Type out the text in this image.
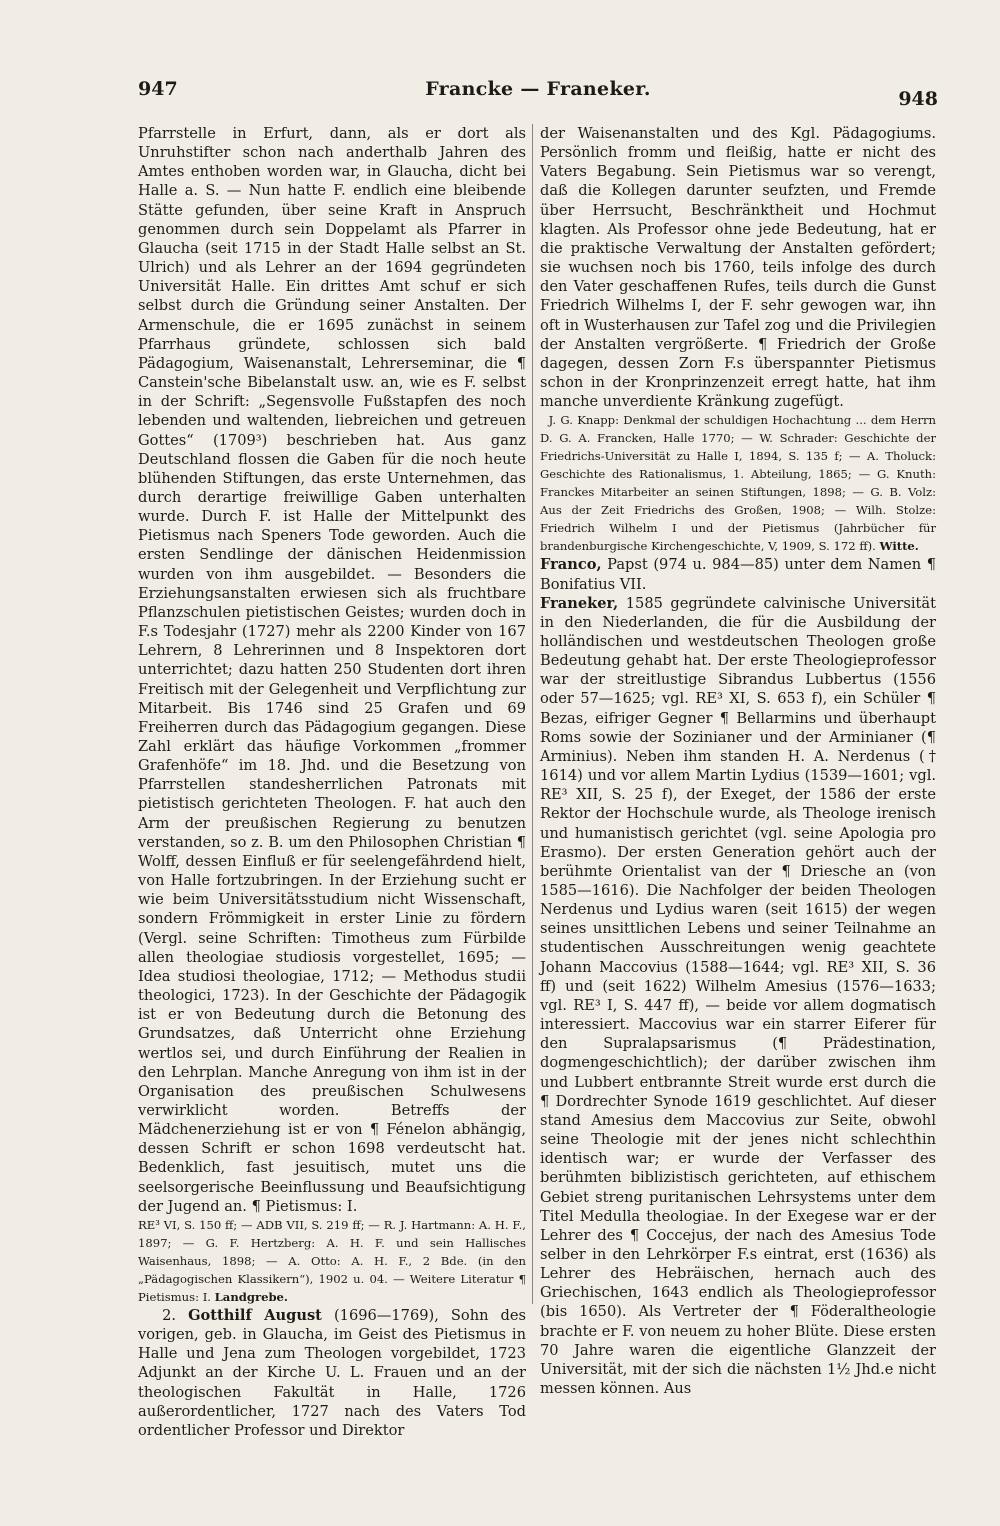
947	Francke — Franeker.	948

Pfarrstelle in Erfurt, dann, als er dort als Unruhstifter schon nach anderthalb Jahren des Amtes enthoben worden war, in Glaucha, dicht bei Halle a. S. — Nun hatte F. endlich eine bleibende Stätte gefunden, über seine Kraft in Anspruch genommen durch sein Doppelamt als Pfarrer in Glaucha (seit 1715 in der Stadt Halle selbst an St. Ulrich) und als Lehrer an der 1694 gegründeten Universität Halle. Ein drittes Amt schuf er sich selbst durch die Gründung seiner Anstalten. Der Armenschule, die er 1695 zunächst in seinem Pfarrhaus gründete, schlossen sich bald Pädagogium, Waisenanstalt, Lehrerseminar, die ¶ Canstein'sche Bibelanstalt usw. an, wie es F. selbst in der Schrift: „Segensvolle Fußstapfen des noch lebenden und waltenden, liebreichen und getreuen Gottes“ (1709³) beschrieben hat. Aus ganz Deutschland flossen die Gaben für die noch heute blühenden Stiftungen, das erste Unternehmen, das durch derartige freiwillige Gaben unterhalten wurde. Durch F. ist Halle der Mittelpunkt des Pietismus nach Speners Tode geworden. Auch die ersten Sendlinge der dänischen Heidenmission wurden von ihm ausgebildet. — Besonders die Erziehungsanstalten erwiesen sich als fruchtbare Pflanzschulen pietistischen Geistes; wurden doch in F.s Todesjahr (1727) mehr als 2200 Kinder von 167 Lehrern, 8 Lehrerinnen und 8 Inspektoren dort unterrichtet; dazu hatten 250 Studenten dort ihren Freitisch mit der Gelegenheit und Verpflichtung zur Mitarbeit. Bis 1746 sind 25 Grafen und 69 Freiherren durch das Pädagogium gegangen. Diese Zahl erklärt das häufige Vorkommen „frommer Grafenhöfe“ im 18. Jhd. und die Besetzung von Pfarrstellen standesherrlichen Patronats mit pietistisch gerichteten Theologen. F. hat auch den Arm der preußischen Regierung zu benutzen verstanden, so z. B. um den Philosophen Christian ¶ Wolff, dessen Einfluß er für seelengefährdend hielt, von Halle fortzubringen. In der Erziehung sucht er wie beim Universitätsstudium nicht Wissenschaft, sondern Frömmigkeit in erster Linie zu fördern (Vergl. seine Schriften: Timotheus zum Fürbilde allen theologiae studiosis vorgestellet, 1695; — Idea studiosi theologiae, 1712; — Methodus studii theologici, 1723). In der Geschichte der Pädagogik ist er von Bedeutung durch die Betonung des Grundsatzes, daß Unterricht ohne Erziehung wertlos sei, und durch Einführung der Realien in den Lehrplan. Manche Anregung von ihm ist in der Organisation des preußischen Schulwesens verwirklicht worden. Betreffs der Mädchenerziehung ist er von ¶ Fénelon abhängig, dessen Schrift er schon 1698 verdeutscht hat. Bedenklich, fast jesuitisch, mutet uns die seelsorgerische Beeinflussung und Beaufsichtigung der Jugend an. ¶ Pietismus: I.

RE³ VI, S. 150 ff; — ADB VII, S. 219 ff; — R. J. Hartmann: A. H. F., 1897; — G. F. Hertzberg: A. H. F. und sein Hallisches Waisenhaus, 1898; — A. Otto: A. H. F., 2 Bde. (in den „Pädagogischen Klassikern“), 1902 u. 04. — Weitere Literatur ¶ Pietismus: I. Landgrebe.

2. Gotthilf August (1696—1769), Sohn des vorigen, geb. in Glaucha, im Geist des Pietismus in Halle und Jena zum Theologen vorgebildet, 1723 Adjunkt an der Kirche U. L. Frauen und an der theologischen Fakultät in Halle, 1726 außerordentlicher, 1727 nach des Vaters Tod ordentlicher Professor und Direktor

der Waisenanstalten und des Kgl. Pädagogiums. Persönlich fromm und fleißig, hatte er nicht des Vaters Begabung. Sein Pietismus war so verengt, daß die Kollegen darunter seufzten, und Fremde über Herrsucht, Beschränktheit und Hochmut klagten. Als Professor ohne jede Bedeutung, hat er die praktische Verwaltung der Anstalten gefördert; sie wuchsen noch bis 1760, teils infolge des durch den Vater geschaffenen Rufes, teils durch die Gunst Friedrich Wilhelms I, der F. sehr gewogen war, ihn oft in Wusterhausen zur Tafel zog und die Privilegien der Anstalten vergrößerte. ¶ Friedrich der Große dagegen, dessen Zorn F.s überspannter Pietismus schon in der Kronprinzenzeit erregt hatte, hat ihm manche unverdiente Kränkung zugefügt.

J. G. Knapp: Denkmal der schuldigen Hochachtung ... dem Herrn D. G. A. Francken, Halle 1770; — W. Schrader: Geschichte der Friedrichs-Universität zu Halle I, 1894, S. 135 f; — A. Tholuck: Geschichte des Rationalismus, 1. Abteilung, 1865; — G. Knuth: Franckes Mitarbeiter an seinen Stiftungen, 1898; — G. B. Volz: Aus der Zeit Friedrichs des Großen, 1908; — Wilh. Stolze: Friedrich Wilhelm I und der Pietismus (Jahrbücher für brandenburgische Kirchengeschichte, V, 1909, S. 172 ff). Witte.

Franco, Papst (974 u. 984—85) unter dem Namen ¶ Bonifatius VII.

Franeker, 1585 gegründete calvinische Universität in den Niederlanden, die für die Ausbildung der holländischen und westdeutschen Theologen große Bedeutung gehabt hat. Der erste Theologieprofessor war der streitlustige Sibrandus Lubbertus (1556 oder 57—1625; vgl. RE³ XI, S. 653 f), ein Schüler ¶ Bezas, eifriger Gegner ¶ Bellarmins und überhaupt Roms sowie der Sozinianer und der Arminianer (¶ Arminius). Neben ihm standen H. A. Nerdenus († 1614) und vor allem Martin Lydius (1539—1601; vgl. RE³ XII, S. 25 f), der Exeget, der 1586 der erste Rektor der Hochschule wurde, als Theologe irenisch und humanistisch gerichtet (vgl. seine Apologia pro Erasmo). Der ersten Generation gehört auch der berühmte Orientalist van der ¶ Driesche an (von 1585—1616). Die Nachfolger der beiden Theologen Nerdenus und Lydius waren (seit 1615) der wegen seines unsittlichen Lebens und seiner Teilnahme an studentischen Ausschreitungen wenig geachtete Johann Maccovius (1588—1644; vgl. RE³ XII, S. 36 ff) und (seit 1622) Wilhelm Amesius (1576—1633; vgl. RE³ I, S. 447 ff), — beide vor allem dogmatisch interessiert. Maccovius war ein starrer Eiferer für den Supralapsarismus (¶ Prädestination, dogmengeschichtlich); der darüber zwischen ihm und Lubbert entbrannte Streit wurde erst durch die ¶ Dordrechter Synode 1619 geschlichtet. Auf dieser stand Amesius dem Maccovius zur Seite, obwohl seine Theologie mit der jenes nicht schlechthin identisch war; er wurde der Verfasser des berühmten biblizistisch gerichteten, auf ethischem Gebiet streng puritanischen Lehrsystems unter dem Titel Medulla theologiae. In der Exegese war er der Lehrer des ¶ Coccejus, der nach des Amesius Tode selber in den Lehrkörper F.s eintrat, erst (1636) als Lehrer des Hebräischen, hernach auch des Griechischen, 1643 endlich als Theologieprofessor (bis 1650). Als Vertreter der ¶ Föderaltheologie brachte er F. von neuem zu hoher Blüte. Diese ersten 70 Jahre waren die eigentliche Glanzzeit der Universität, mit der sich die nächsten 1½ Jhd.e nicht messen können. Aus
